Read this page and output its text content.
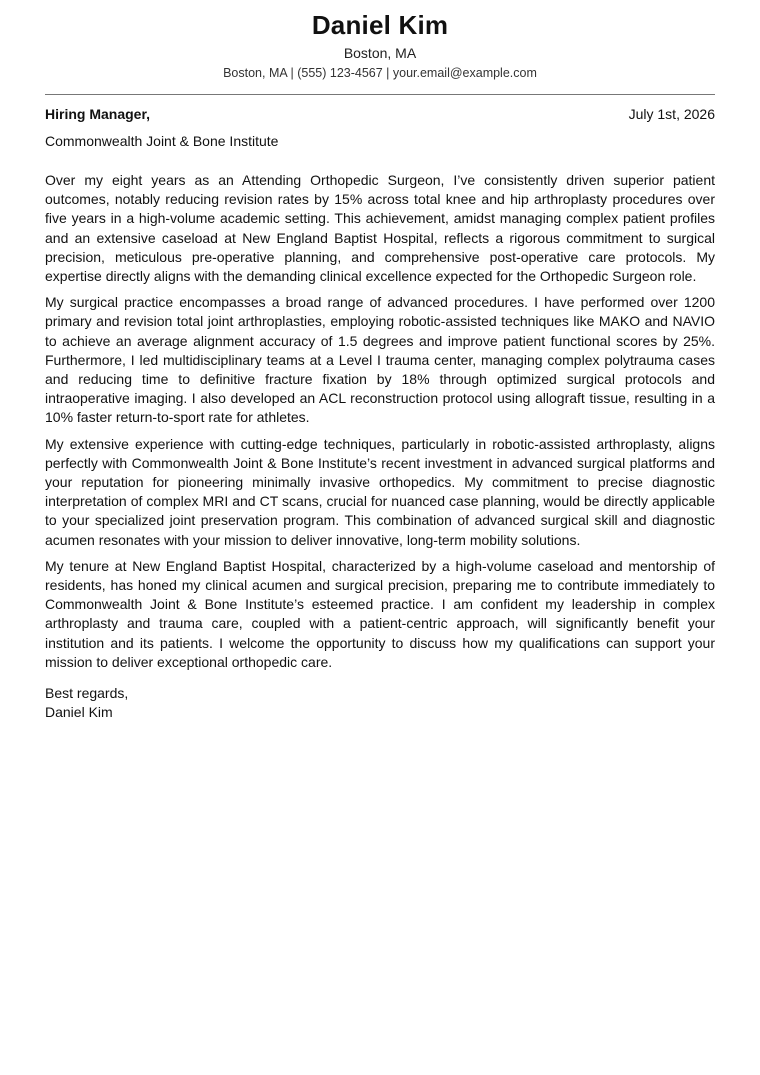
Daniel Kim
Boston, MA
Boston, MA | (555) 123-4567 | your.email@example.com
Hiring Manager,	July 1st, 2026
Commonwealth Joint & Bone Institute

Over my eight years as an Attending Orthopedic Surgeon, I’ve consistently driven superior patient outcomes, notably reducing revision rates by 15% across total knee and hip arthroplasty procedures over five years in a high-volume academic setting. This achievement, amidst managing complex patient profiles and an extensive caseload at New England Baptist Hospital, reflects a rigorous commitment to surgical precision, meticulous pre-operative planning, and comprehensive post-operative care protocols. My expertise directly aligns with the demanding clinical excellence expected for the Orthopedic Surgeon role.

My surgical practice encompasses a broad range of advanced procedures. I have performed over 1200 primary and revision total joint arthroplasties, employing robotic-assisted techniques like MAKO and NAVIO to achieve an average alignment accuracy of 1.5 degrees and improve patient functional scores by 25%. Furthermore, I led multidisciplinary teams at a Level I trauma center, managing complex polytrauma cases and reducing time to definitive fracture fixation by 18% through optimized surgical protocols and intraoperative imaging. I also developed an ACL reconstruction protocol using allograft tissue, resulting in a 10% faster return-to-sport rate for athletes.

My extensive experience with cutting-edge techniques, particularly in robotic-assisted arthroplasty, aligns perfectly with Commonwealth Joint & Bone Institute’s recent investment in advanced surgical platforms and your reputation for pioneering minimally invasive orthopedics. My commitment to precise diagnostic interpretation of complex MRI and CT scans, crucial for nuanced case planning, would be directly applicable to your specialized joint preservation program. This combination of advanced surgical skill and diagnostic acumen resonates with your mission to deliver innovative, long-term mobility solutions.

My tenure at New England Baptist Hospital, characterized by a high-volume caseload and mentorship of residents, has honed my clinical acumen and surgical precision, preparing me to contribute immediately to Commonwealth Joint & Bone Institute’s esteemed practice. I am confident my leadership in complex arthroplasty and trauma care, coupled with a patient-centric approach, will significantly benefit your institution and its patients. I welcome the opportunity to discuss how my qualifications can support your mission to deliver exceptional orthopedic care.

Best regards,
Daniel Kim
